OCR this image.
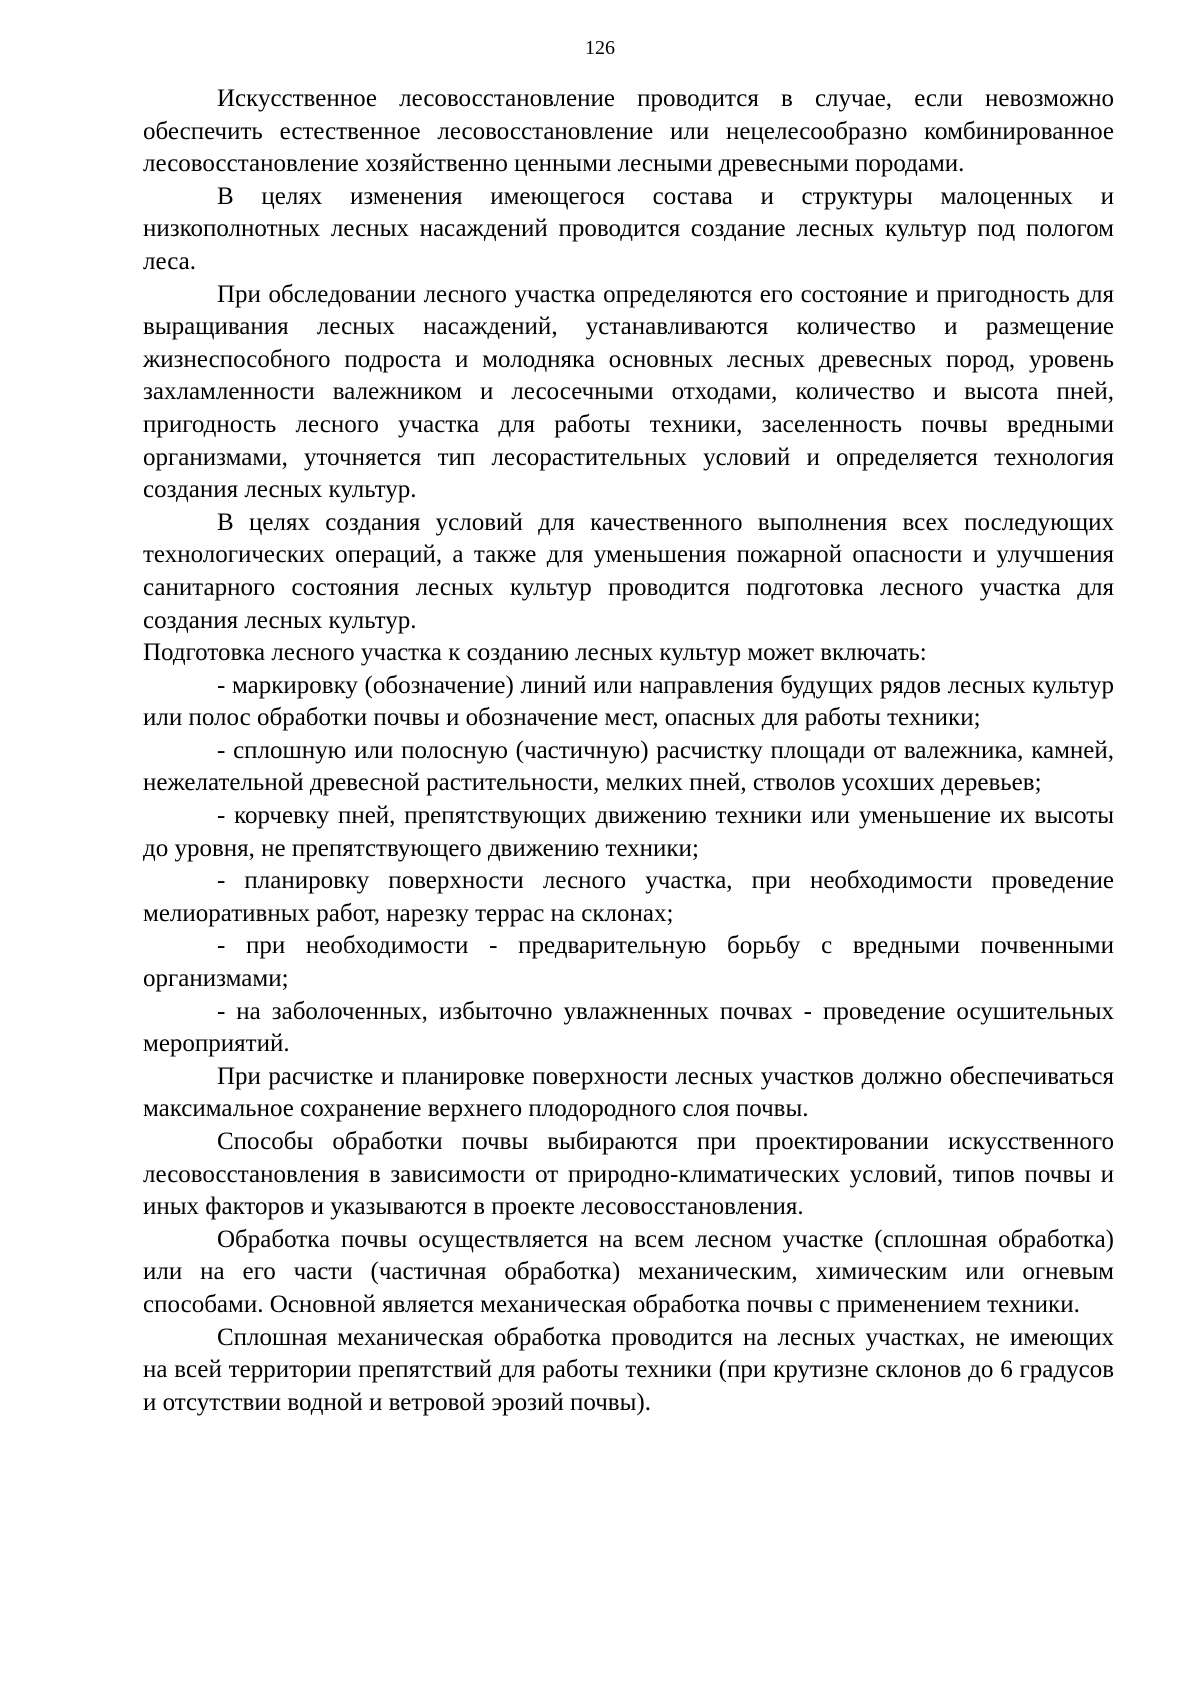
126

Искусственное лесовосстановление проводится в случае, если невозможно обеспечить естественное лесовосстановление или нецелесообразно комбинированное лесовосстановление хозяйственно ценными лесными древесными породами.

В целях изменения имеющегося состава и структуры малоценных и низкополнотных лесных насаждений проводится создание лесных культур под пологом леса.

При обследовании лесного участка определяются его состояние и пригодность для выращивания лесных насаждений, устанавливаются количество и размещение жизнеспособного подроста и молодняка основных лесных древесных пород, уровень захламленности валежником и лесосечными отходами, количество и высота пней, пригодность лесного участка для работы техники, заселенность почвы вредными организмами, уточняется тип лесорастительных условий и определяется технология создания лесных культур.

В целях создания условий для качественного выполнения всех последующих технологических операций, а также для уменьшения пожарной опасности и улучшения санитарного состояния лесных культур проводится подготовка лесного участка для создания лесных культур.

Подготовка лесного участка к созданию лесных культур может включать:

- маркировку (обозначение) линий или направления будущих рядов лесных культур или полос обработки почвы и обозначение мест, опасных для работы техники;

- сплошную или полосную (частичную) расчистку площади от валежника, камней, нежелательной древесной растительности, мелких пней, стволов усохших деревьев;

- корчевку пней, препятствующих движению техники или уменьшение их высоты до уровня, не препятствующего движению техники;

- планировку поверхности лесного участка, при необходимости проведение мелиоративных работ, нарезку террас на склонах;

- при необходимости - предварительную борьбу с вредными почвенными организмами;

- на заболоченных, избыточно увлажненных почвах - проведение осушительных мероприятий.

При расчистке и планировке поверхности лесных участков должно обеспечиваться максимальное сохранение верхнего плодородного слоя почвы.

Способы обработки почвы выбираются при проектировании искусственного лесовосстановления в зависимости от природно-климатических условий, типов почвы и иных факторов и указываются в проекте лесовосстановления.

Обработка почвы осуществляется на всем лесном участке (сплошная обработка) или на его части (частичная обработка) механическим, химическим или огневым способами. Основной является механическая обработка почвы с применением техники.

Сплошная механическая обработка проводится на лесных участках, не имеющих на всей территории препятствий для работы техники (при крутизне склонов до 6 градусов и отсутствии водной и ветровой эрозий почвы).
